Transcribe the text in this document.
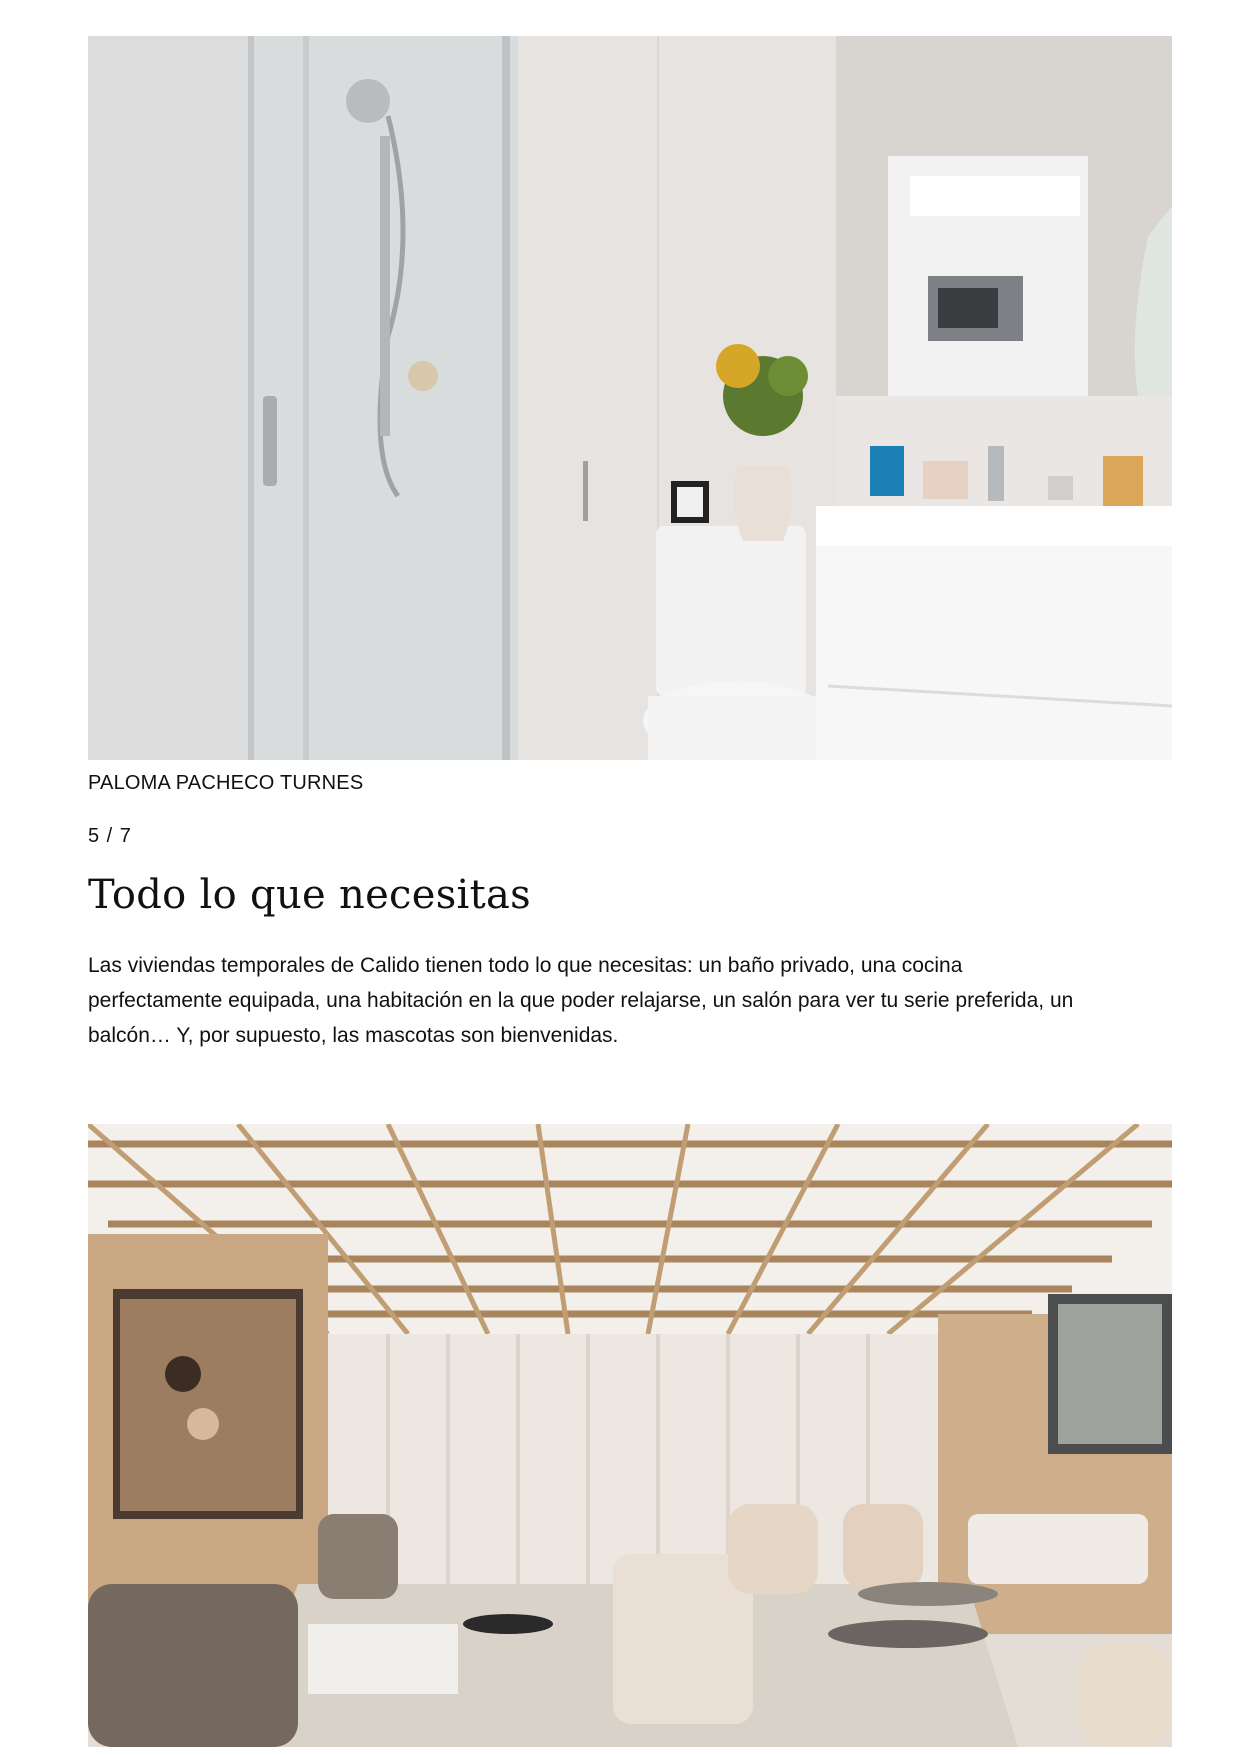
PALOMA PACHECO TURNES
5 / 7
Todo lo que necesitas

Las viviendas temporales de Calido tienen todo lo que necesitas: un baño privado, una cocina perfectamente equipada, una habitación en la que poder relajarse, un salón para ver tu serie preferida, un balcón… Y, por supuesto, las mascotas son bienvenidas.
